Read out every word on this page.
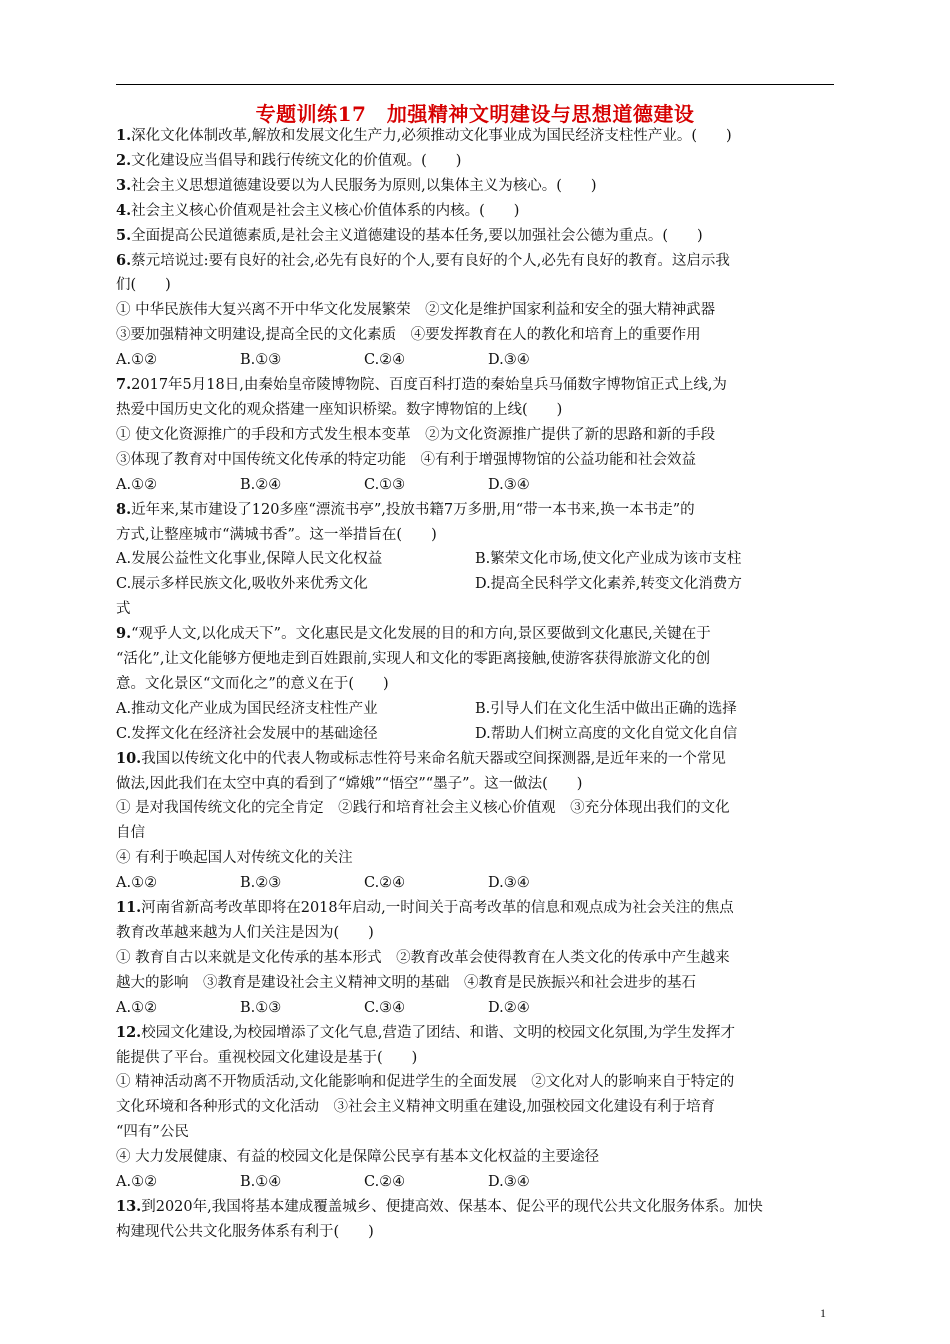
专题训练17　加强精神文明建设与思想道德建设
1.深化文化体制改革,解放和发展文化生产力,必须推动文化事业成为国民经济支柱性产业。(　　)
2.文化建设应当倡导和践行传统文化的价值观。(　　)
3.社会主义思想道德建设要以为人民服务为原则,以集体主义为核心。(　　)
4.社会主义核心价值观是社会主义核心价值体系的内核。(　　)
5.全面提高公民道德素质,是社会主义道德建设的基本任务,要以加强社会公德为重点。(　　)
6.蔡元培说过:要有良好的社会,必先有良好的个人,要有良好的个人,必先有良好的教育。这启示我
们(　　)
① 中华民族伟大复兴离不开中华文化发展繁荣　②文化是维护国家利益和安全的强大精神武器
③要加强精神文明建设,提高全民的文化素质　④要发挥教育在人的教化和培育上的重要作用
A.①②	B.①③	C.②④	D.③④
7.2017年5月18日,由秦始皇帝陵博物院、百度百科打造的秦始皇兵马俑数字博物馆正式上线,为
热爱中国历史文化的观众搭建一座知识桥梁。数字博物馆的上线(　　)
① 使文化资源推广的手段和方式发生根本变革　②为文化资源推广提供了新的思路和新的手段
③体现了教育对中国传统文化传承的特定功能　④有利于增强博物馆的公益功能和社会效益
A.①②	B.②④	C.①③	D.③④
8.近年来,某市建设了120多座“漂流书亭”,投放书籍7万多册,用“带一本书来,换一本书走”的
方式,让整座城市“满城书香”。这一举措旨在(　　)
A.发展公益性文化事业,保障人民文化权益	B.繁荣文化市场,使文化产业成为该市支柱
C.展示多样民族文化,吸收外来优秀文化	D.提高全民科学文化素养,转变文化消费方
式
9.“观乎人文,以化成天下”。文化惠民是文化发展的目的和方向,景区要做到文化惠民,关键在于
“活化”,让文化能够方便地走到百姓跟前,实现人和文化的零距离接触,使游客获得旅游文化的创
意。文化景区“文而化之”的意义在于(　　)
A.推动文化产业成为国民经济支柱性产业	B.引导人们在文化生活中做出正确的选择
C.发挥文化在经济社会发展中的基础途径	D.帮助人们树立高度的文化自觉文化自信
10.我国以传统文化中的代表人物或标志性符号来命名航天器或空间探测器,是近年来的一个常见
做法,因此我们在太空中真的看到了“嫦娥”“悟空”“墨子”。这一做法(　　)
① 是对我国传统文化的完全肯定　②践行和培育社会主义核心价值观　③充分体现出我们的文化
自信
④ 有利于唤起国人对传统文化的关注
A.①②	B.②③	C.②④	D.③④
11.河南省新高考改革即将在2018年启动,一时间关于高考改革的信息和观点成为社会关注的焦点
教育改革越来越为人们关注是因为(　　)
① 教育自古以来就是文化传承的基本形式　②教育改革会使得教育在人类文化的传承中产生越来
越大的影响　③教育是建设社会主义精神文明的基础　④教育是民族振兴和社会进步的基石
A.①②	B.①③	C.③④	D.②④
12.校园文化建设,为校园增添了文化气息,营造了团结、和谐、文明的校园文化氛围,为学生发挥才
能提供了平台。重视校园文化建设是基于(　　)
① 精神活动离不开物质活动,文化能影响和促进学生的全面发展　②文化对人的影响来自于特定的
文化环境和各种形式的文化活动　③社会主义精神文明重在建设,加强校园文化建设有利于培育
“四有”公民
④ 大力发展健康、有益的校园文化是保障公民享有基本文化权益的主要途径
A.①②	B.①④	C.②④	D.③④
13.到2020年,我国将基本建成覆盖城乡、便捷高效、保基本、促公平的现代公共文化服务体系。加快
构建现代公共文化服务体系有利于(　　)
1
